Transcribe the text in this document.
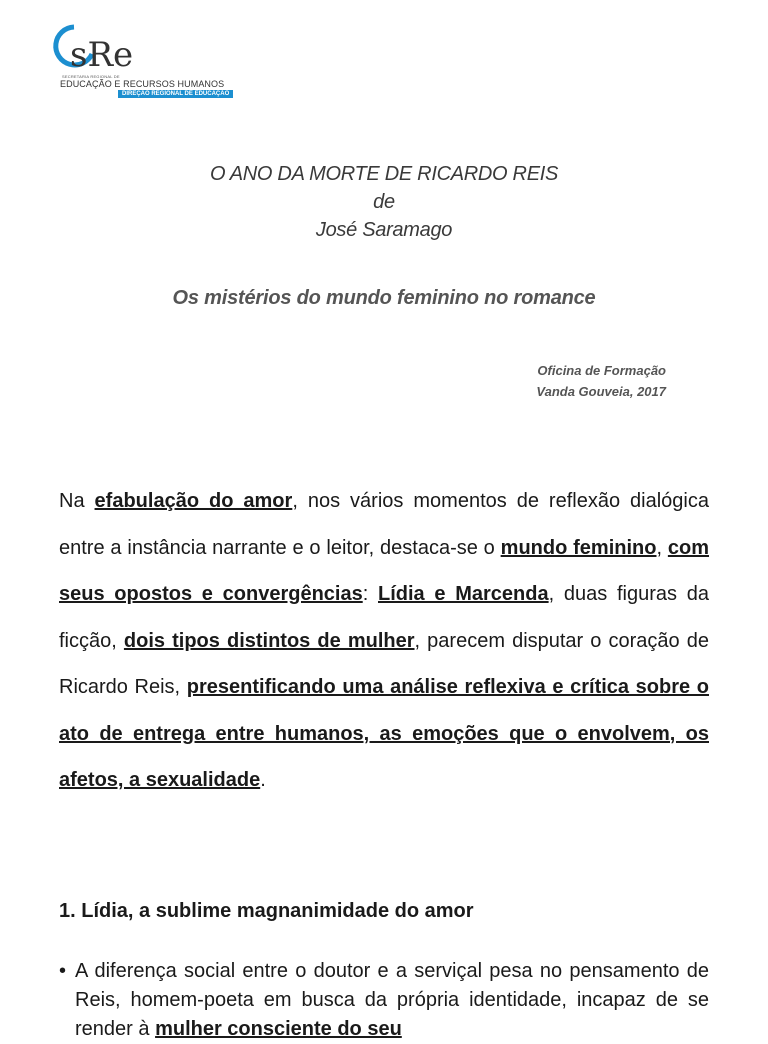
sRe
SECRETARIA REGIONAL DE
EDUCAÇÃO E RECURSOS HUMANOS
DIREÇÃO REGIONAL DE EDUCAÇÃO
O ANO DA MORTE DE RICARDO REIS
de
José Saramago
Os mistérios do mundo feminino no romance
Oficina de Formação
Vanda Gouveia, 2017
Na efabulação do amor, nos vários momentos de reflexão dialógica entre a instância narrante e o leitor, destaca-se o mundo feminino, com seus opostos e convergências: Lídia e Marcenda, duas figuras da ficção, dois tipos distintos de mulher, parecem disputar o coração de Ricardo Reis, presentificando uma análise reflexiva e crítica sobre o ato de entrega entre humanos, as emoções que o envolvem, os afetos, a sexualidade.
1. Lídia, a sublime magnanimidade do amor
• A diferença social entre o doutor e a serviçal pesa no pensamento de Reis, homem-poeta em busca da própria identidade, incapaz de se render à mulher consciente do seu
